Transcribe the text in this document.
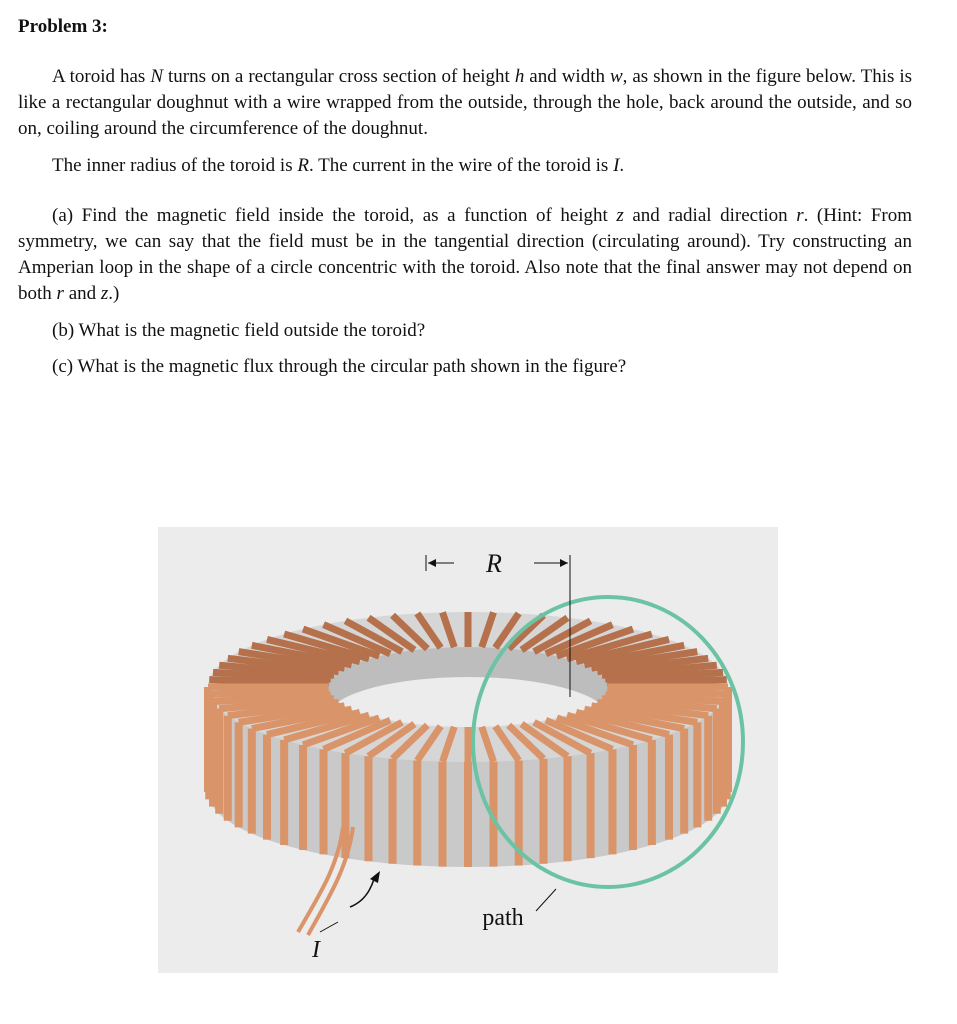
Problem 3:
A toroid has N turns on a rectangular cross section of height h and width w, as shown in the figure below. This is like a rectangular doughnut with a wire wrapped from the outside, through the hole, back around the outside, and so on, coiling around the circumference of the doughnut.
The inner radius of the toroid is R. The current in the wire of the toroid is I.
(a) Find the magnetic field inside the toroid, as a function of height z and radial direction r. (Hint: From symmetry, we can say that the field must be in the tangential direction (circulating around). Try constructing an Amperian loop in the shape of a circle concentric with the toroid. Also note that the final answer may not depend on both r and z.)
(b) What is the magnetic field outside the toroid?
(c) What is the magnetic flux through the circular path shown in the figure?
R
path
I
